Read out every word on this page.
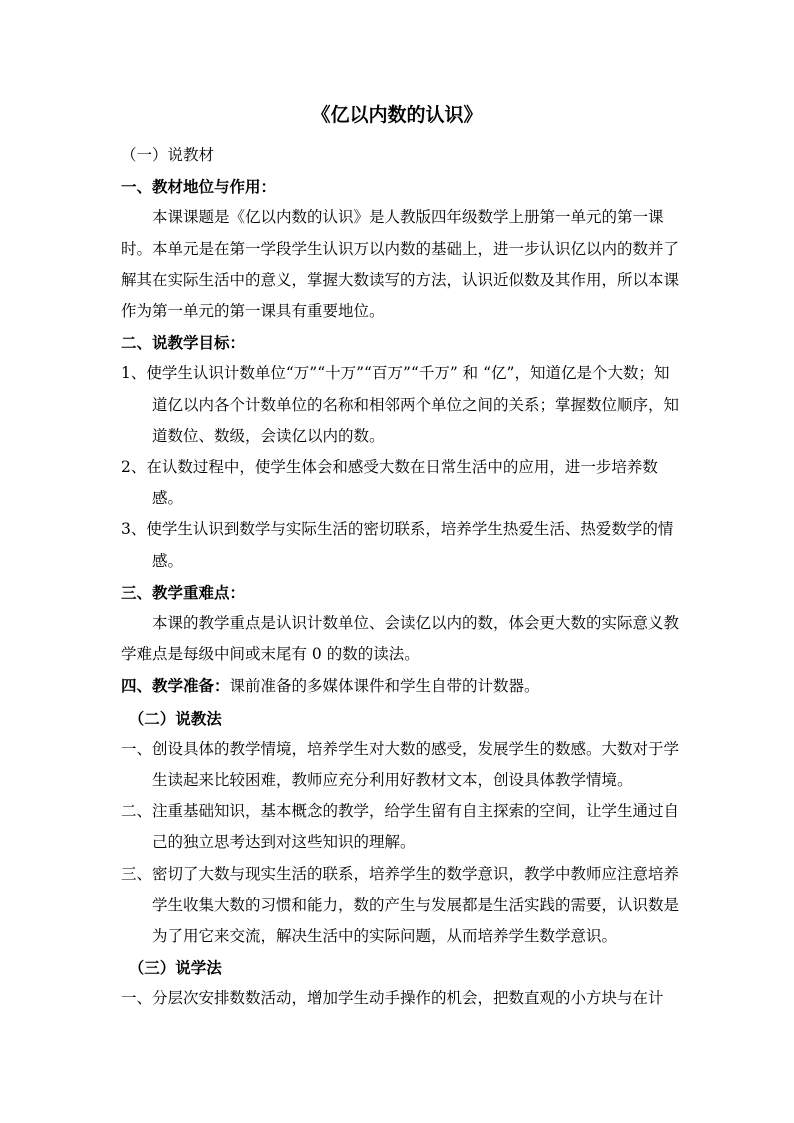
《亿以内数的认识》

（一）说教材

一、教材地位与作用：

本课课题是《亿以内数的认识》是人教版四年级数学上册第一单元的第一课时。本单元是在第一学段学生认识万以内数的基础上，进一步认识亿以内的数并了解其在实际生活中的意义，掌握大数读写的方法，认识近似数及其作用，所以本课作为第一单元的第一课具有重要地位。

二、说教学目标：

1、使学生认识计数单位“万”“十万”“百万”“千万” 和 “亿”，知道亿是个大数；知道亿以内各个计数单位的名称和相邻两个单位之间的关系；掌握数位顺序，知道数位、数级，会读亿以内的数。

2、在认数过程中，使学生体会和感受大数在日常生活中的应用，进一步培养数感。

3、使学生认识到数学与实际生活的密切联系，培养学生热爱生活、热爱数学的情感。

三、教学重难点：

本课的教学重点是认识计数单位、会读亿以内的数，体会更大数的实际意义教学难点是每级中间或末尾有 0 的数的读法。

四、教学准备：课前准备的多媒体课件和学生自带的计数器。

（二）说教法

一、创设具体的教学情境，培养学生对大数的感受，发展学生的数感。大数对于学生读起来比较困难，教师应充分利用好教材文本，创设具体教学情境。

二、注重基础知识，基本概念的教学，给学生留有自主探索的空间，让学生通过自己的独立思考达到对这些知识的理解。

三、密切了大数与现实生活的联系，培养学生的数学意识，教学中教师应注意培养学生收集大数的习惯和能力，数的产生与发展都是生活实践的需要，认识数是为了用它来交流，解决生活中的实际问题，从而培养学生数学意识。

（三）说学法

一、分层次安排数数活动，增加学生动手操作的机会，把数直观的小方块与在计
